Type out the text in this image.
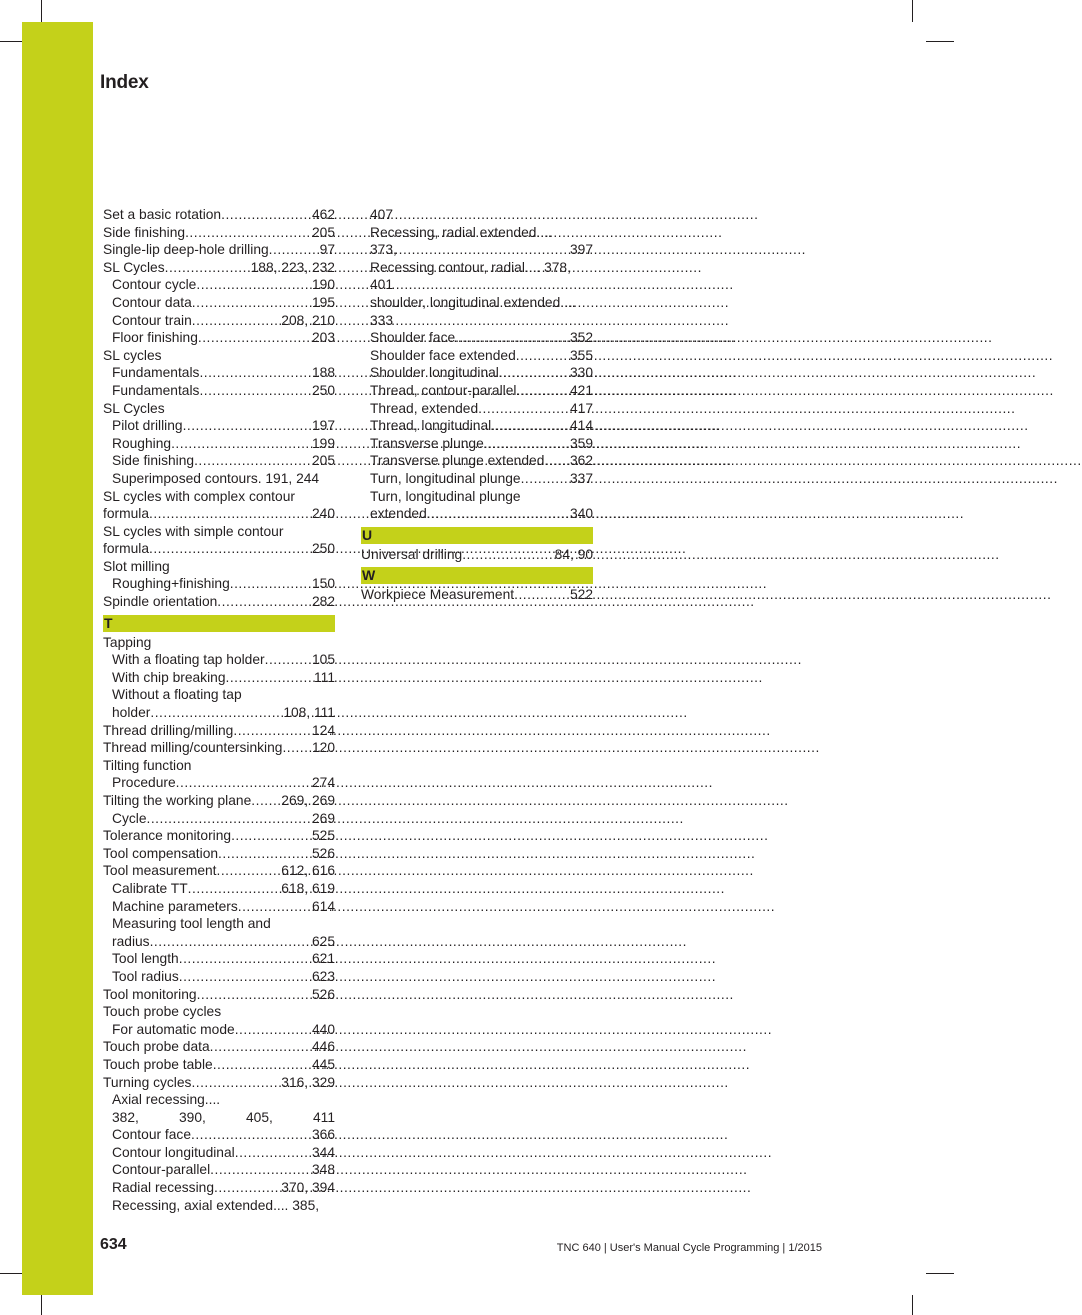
Index
Set a basic rotation .....	462
Side finishing .....	205
Single-lip deep-hole drilling .....	97
SL Cycles .....	188, 223, 232
Contour cycle .....	190
Contour data .....	195
Contour train .....	208, 210
Floor finishing .....	203
SL cycles
Fundamentals .....	188
Fundamentals .....	250
SL Cycles
Pilot drilling .....	197
Roughing .....	199
Side finishing .....	205
Superimposed contours. 191, 244
SL cycles with complex contour
formula .....	240
SL cycles with simple contour
formula .....	250
Slot milling
Roughing+finishing .....	150
Spindle orientation .....	282
T
Tapping
With a floating tap holder .....	105
With chip breaking .....	111
Without a floating tap
holder .....	108, 111
Thread drilling/milling .....	124
Thread milling/countersinking ..... 120
Tilting function
Procedure .....	274
Tilting the working plane ..... 269, 269
Cycle .....	269
Tolerance monitoring .....	525
Tool compensation .....	526
Tool measurement .....	612, 616
Calibrate TT .....	618, 619
Machine parameters .....	614
Measuring tool length and
radius .....	625
Tool length .....	621
Tool radius .....	623
Tool monitoring .....	526
Touch probe cycles
For automatic mode .....	440
Touch probe data .....	446
Touch probe table .....	445
Turning cycles .....	316, 329
Axial recessing....
382,	390,	405,	411
Contour face .....	366
Contour longitudinal .....	344
Contour-parallel .....	348
Radial recessing .....	370, 394
Recessing, axial extended.... 385,
407
Recessing, radial extended....
373,	397
Recessing contour, radial.... 378,
401
shoulder, longitudinal extended....
333
Shoulder face .....	352
Shoulder face extended .....	355
Shoulder longitudinal .....	330
Thread, contour-parallel .....	421
Thread, extended .....	417
Thread, longitudinal .....	414
Transverse plunge .....	359
Transverse plunge extended ..... 362
Turn, longitudinal plunge .....	337
Turn, longitudinal plunge
extended .....	340
U
Universal drilling .....	84, 90
W
Workpiece Measurement .....	522
634	TNC 640 | User's Manual Cycle Programming | 1/2015
